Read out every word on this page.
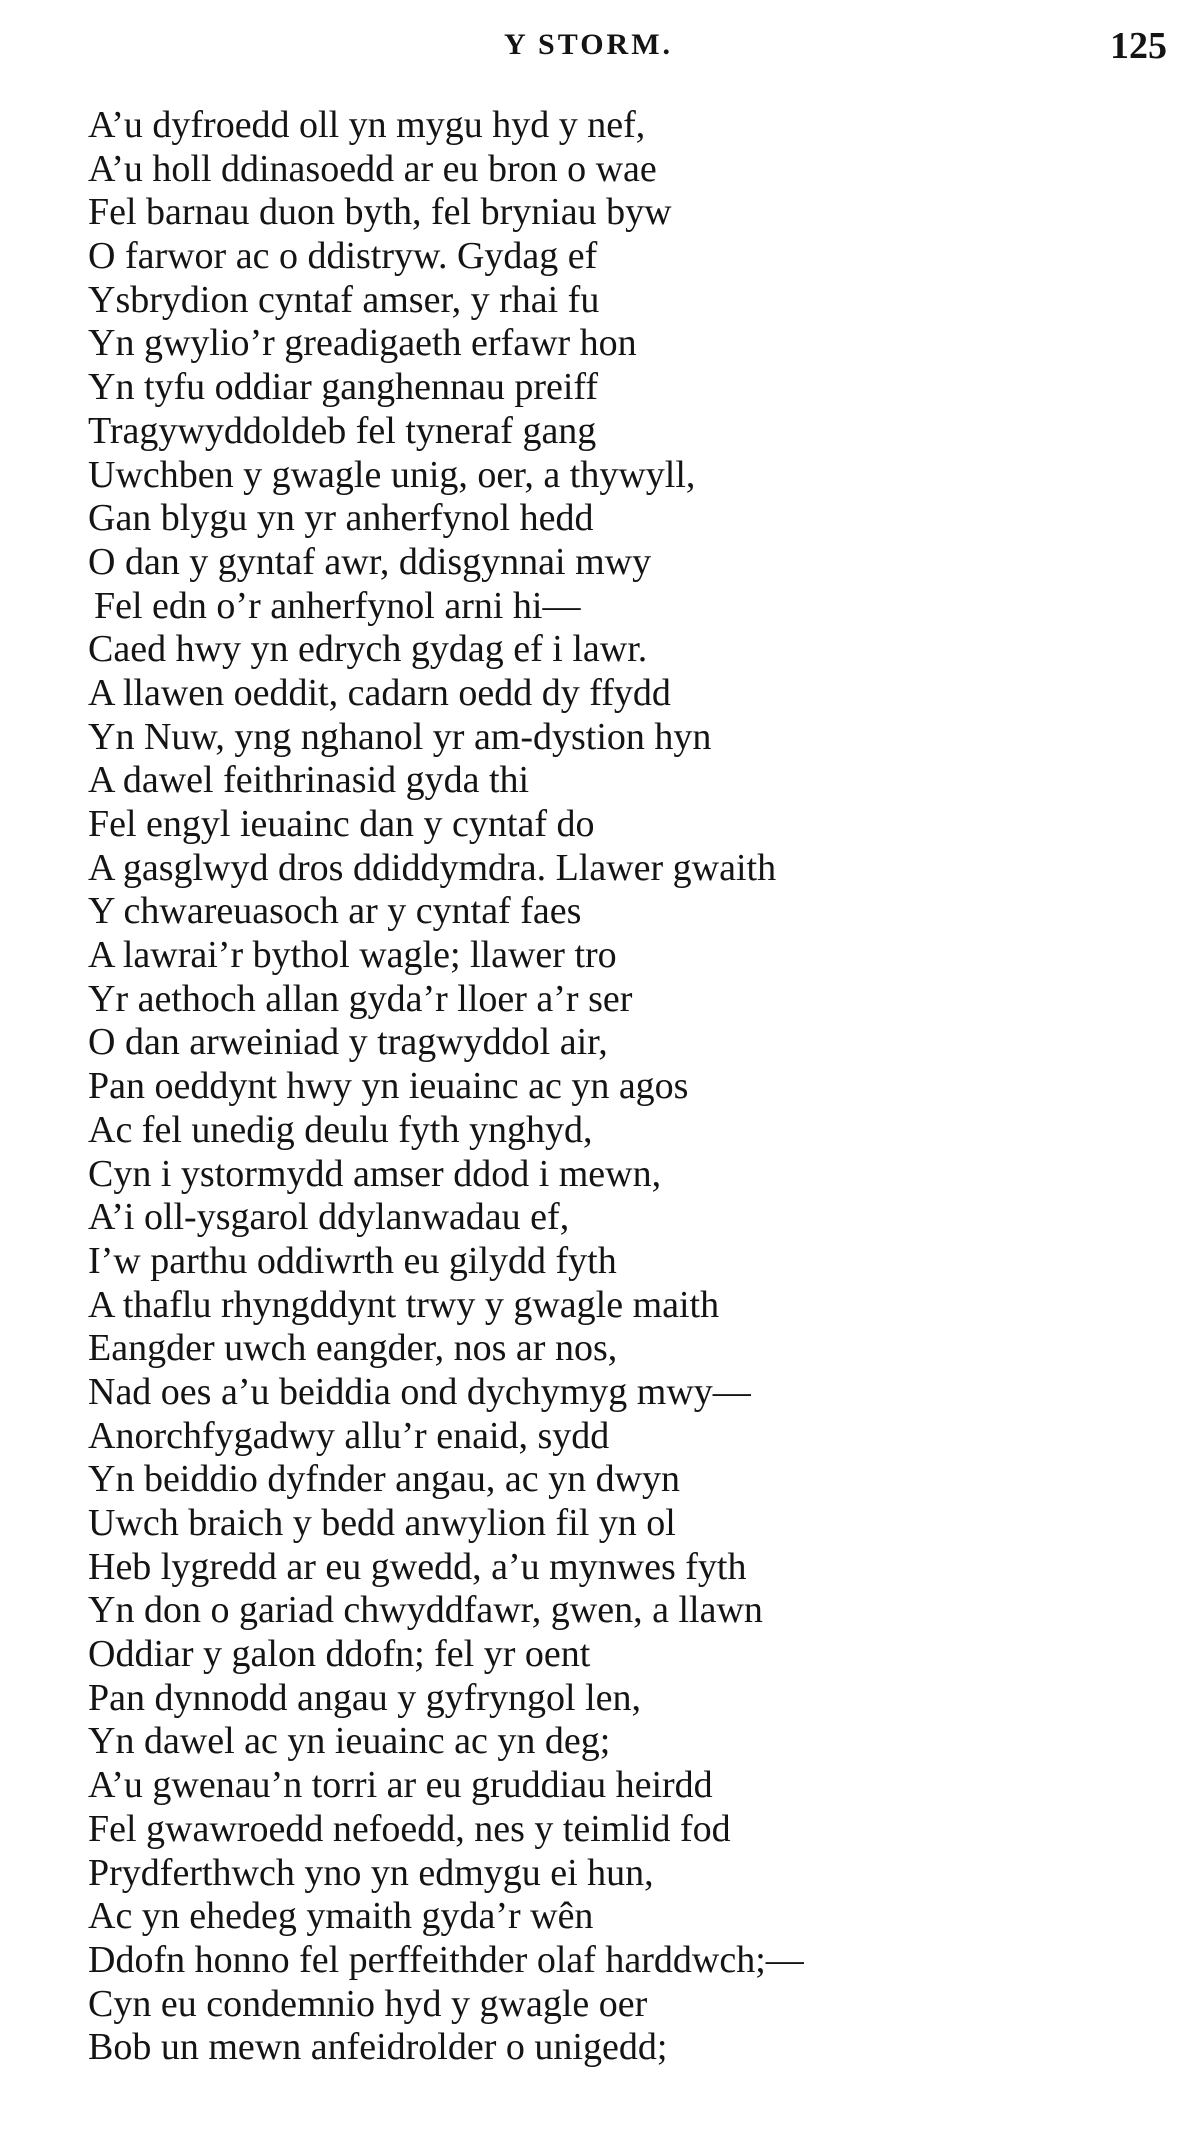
Y STORM.	125
A’u dyfroedd oll yn mygu hyd y nef,
A’u holl ddinasoedd ar eu bron o wae
Fel barnau duon byth, fel bryniau byw
O farwor ac o ddistryw. Gydag ef
Ysbrydion cyntaf amser, y rhai fu
Yn gwylio’r greadigaeth erfawr hon
Yn tyfu oddiar ganghennau preiff
Tragywyddoldeb fel tyneraf gang
Uwchben y gwagle unig, oer, a thywyll,
Gan blygu yn yr anherfynol hedd
O dan y gyntaf awr, ddisgynnai mwy
Fel edn o’r anherfynol arni hi—
Caed hwy yn edrych gydag ef i lawr.
A llawen oeddit, cadarn oedd dy ffydd
Yn Nuw, yng nghanol yr am-dystion hyn
A dawel feithrinasid gyda thi
Fel engyl ieuainc dan y cyntaf do
A gasglwyd dros ddiddymdra. Llawer gwaith
Y chwareuasoch ar y cyntaf faes
A lawrai’r bythol wagle; llawer tro
Yr aethoch allan gyda’r lloer a’r ser
O dan arweiniad y tragwyddol air,
Pan oeddynt hwy yn ieuainc ac yn agos
Ac fel unedig deulu fyth ynghyd,
Cyn i ystormydd amser ddod i mewn,
A’i oll-ysgarol ddylanwadau ef,
I’w parthu oddiwrth eu gilydd fyth
A thaflu rhyngddynt trwy y gwagle maith
Eangder uwch eangder, nos ar nos,
Nad oes a’u beiddia ond dychymyg mwy—
Anorchfygadwy allu’r enaid, sydd
Yn beiddio dyfnder angau, ac yn dwyn
Uwch braich y bedd anwylion fil yn ol
Heb lygredd ar eu gwedd, a’u mynwes fyth
Yn don o gariad chwyddfawr, gwen, a llawn
Oddiar y galon ddofn; fel yr oent
Pan dynnodd angau y gyfryngol len,
Yn dawel ac yn ieuainc ac yn deg;
A’u gwenau’n torri ar eu gruddiau heirdd
Fel gwawroedd nefoedd, nes y teimlid fod
Prydferthwch yno yn edmygu ei hun,
Ac yn ehedeg ymaith gyda’r wên
Ddofn honno fel perffeithder olaf harddwch;—
Cyn eu condemnio hyd y gwagle oer
Bob un mewn anfeidrolder o unigedd;
